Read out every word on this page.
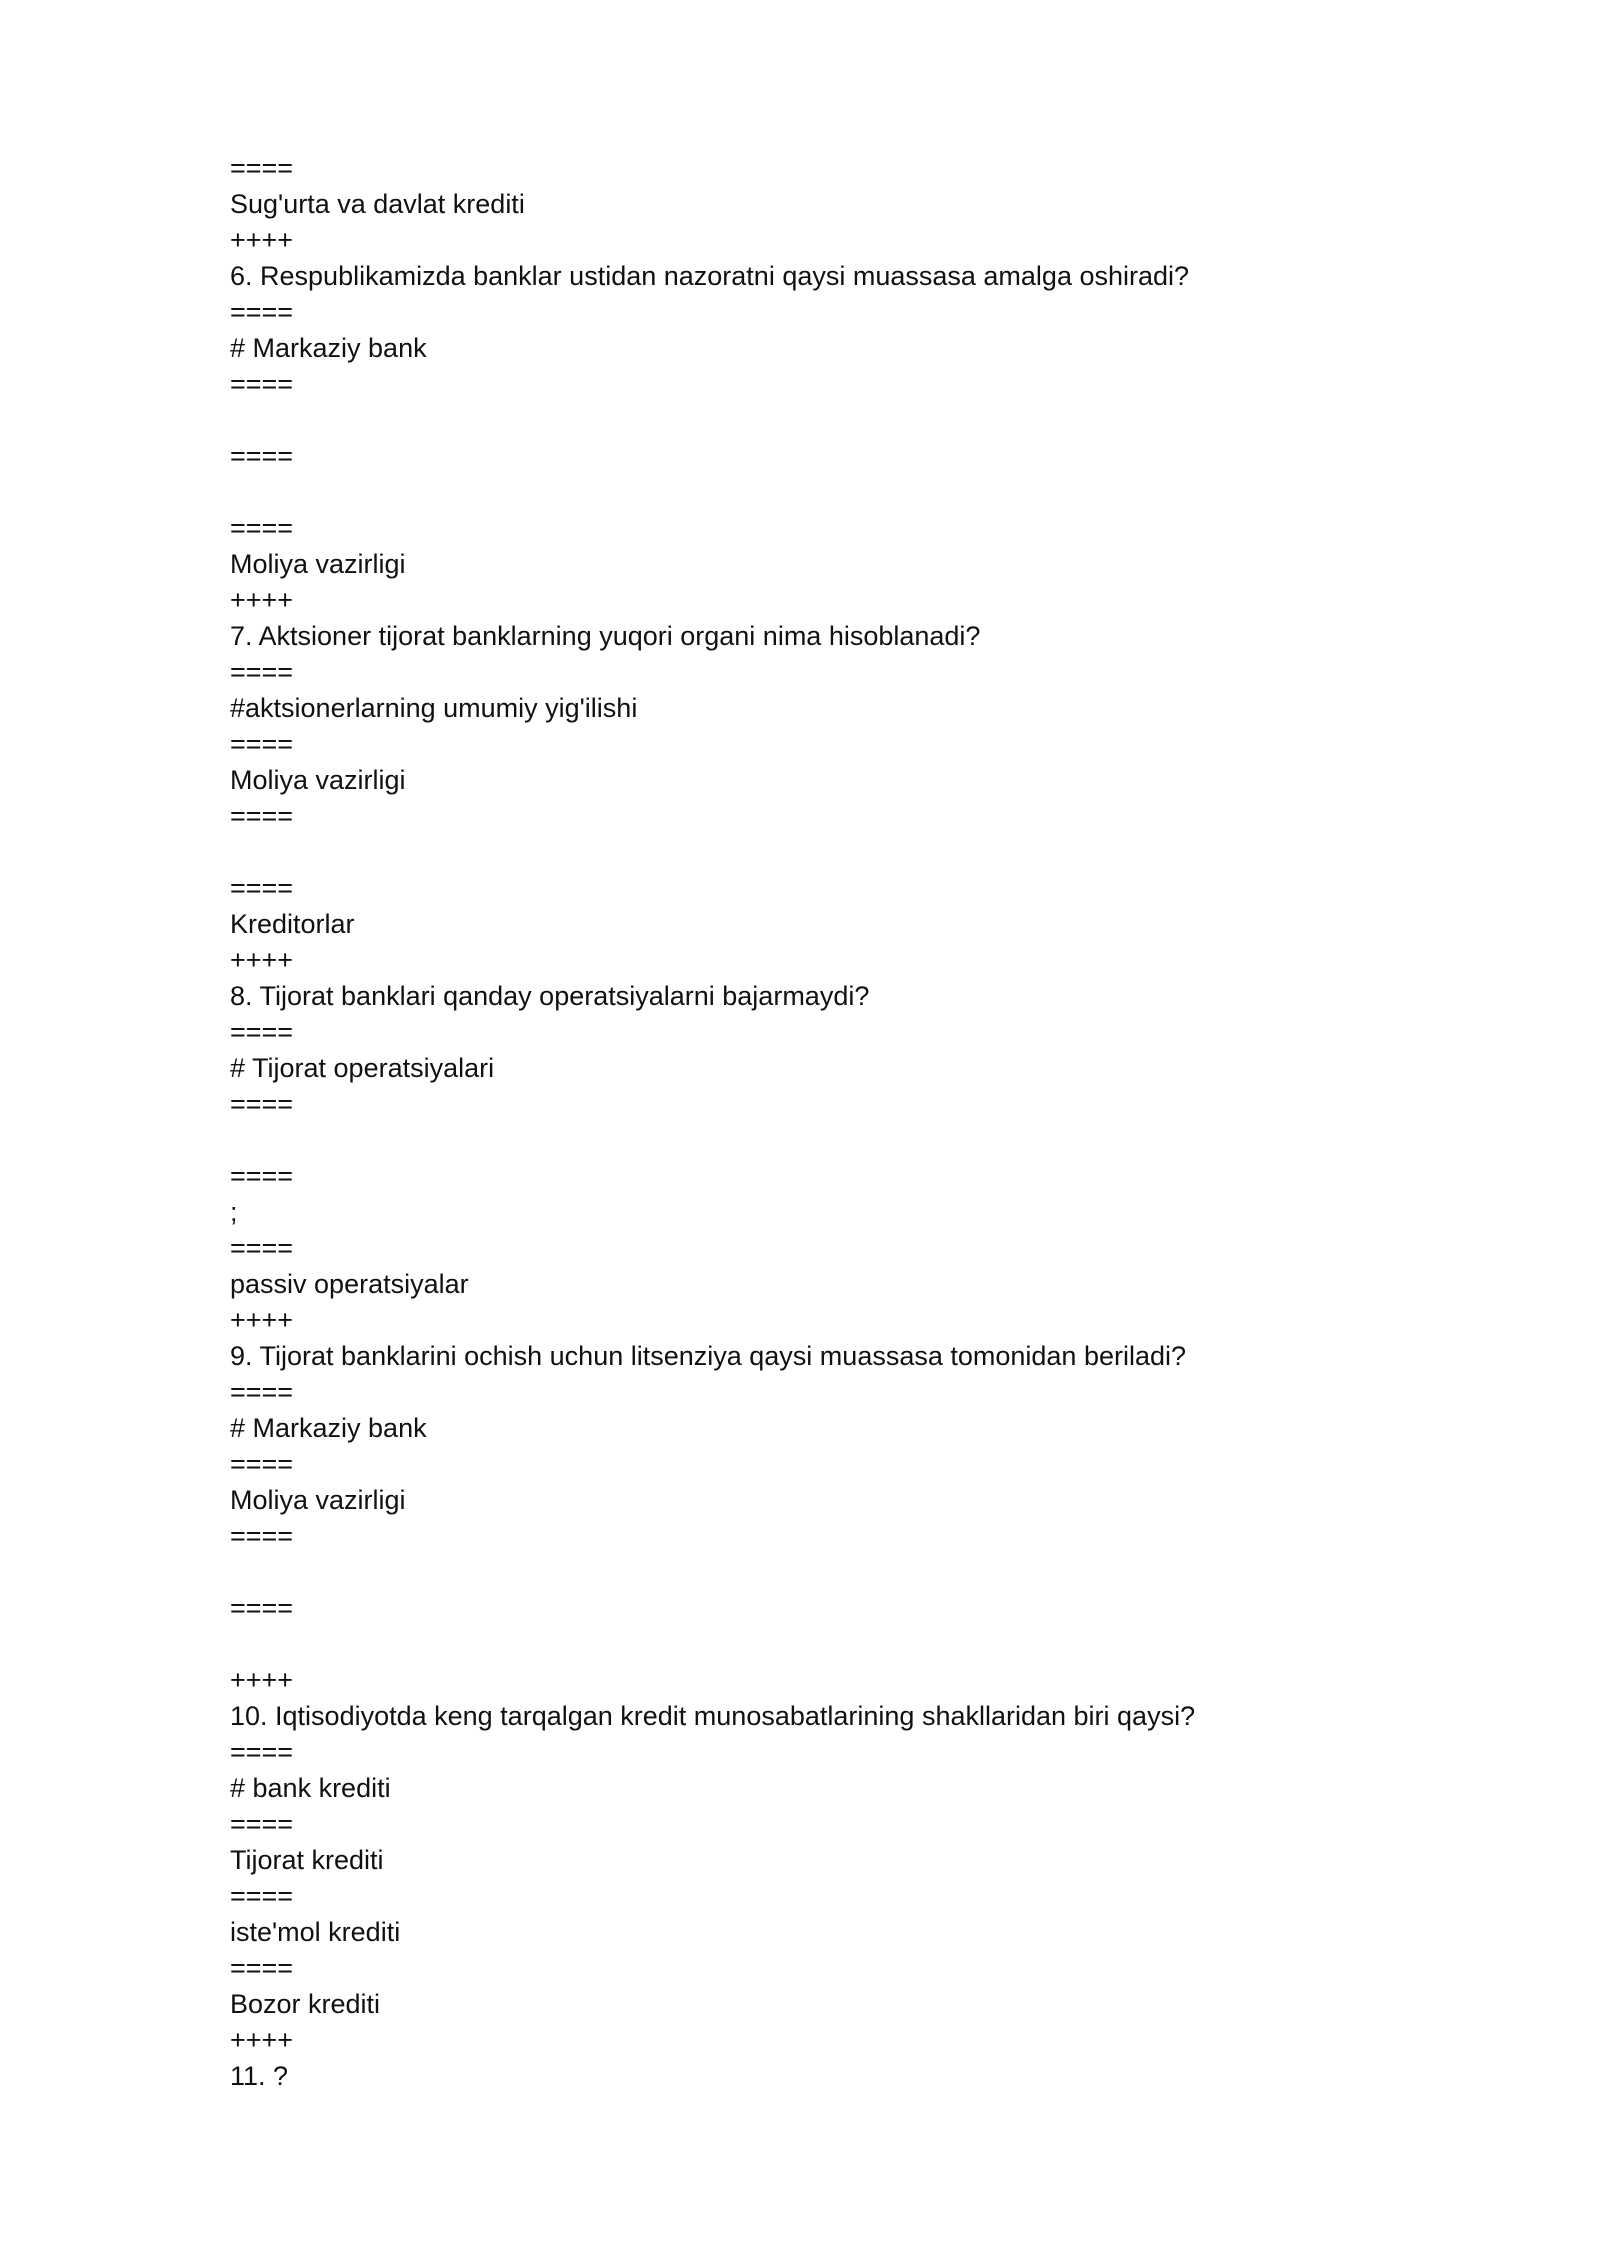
====
Sug'urta va davlat krediti
++++
6. Respublikamizda banklar ustidan nazoratni qaysi muassasa amalga oshiradi?
====
# Markaziy bank
====
====
====
Moliya vazirligi
++++
7. Aktsioner tijorat banklarning yuqori organi nima hisoblanadi?
====
#aktsionerlarning umumiy yig'ilishi
====
Moliya vazirligi
====
====
Kreditorlar
++++
8. Tijorat banklari qanday operatsiyalarni bajarmaydi?
====
# Tijorat operatsiyalari
====
====
;
====
passiv operatsiyalar
++++
9. Tijorat banklarini ochish uchun litsenziya qaysi muassasa tomonidan beriladi?
====
# Markaziy bank
====
Moliya vazirligi
====
====
++++
10. Iqtisodiyotda keng tarqalgan kredit munosabatlarining shakllaridan biri qaysi?
====
# bank krediti
====
Tijorat krediti
====
iste'mol krediti
====
Bozor krediti
++++
11. ?
